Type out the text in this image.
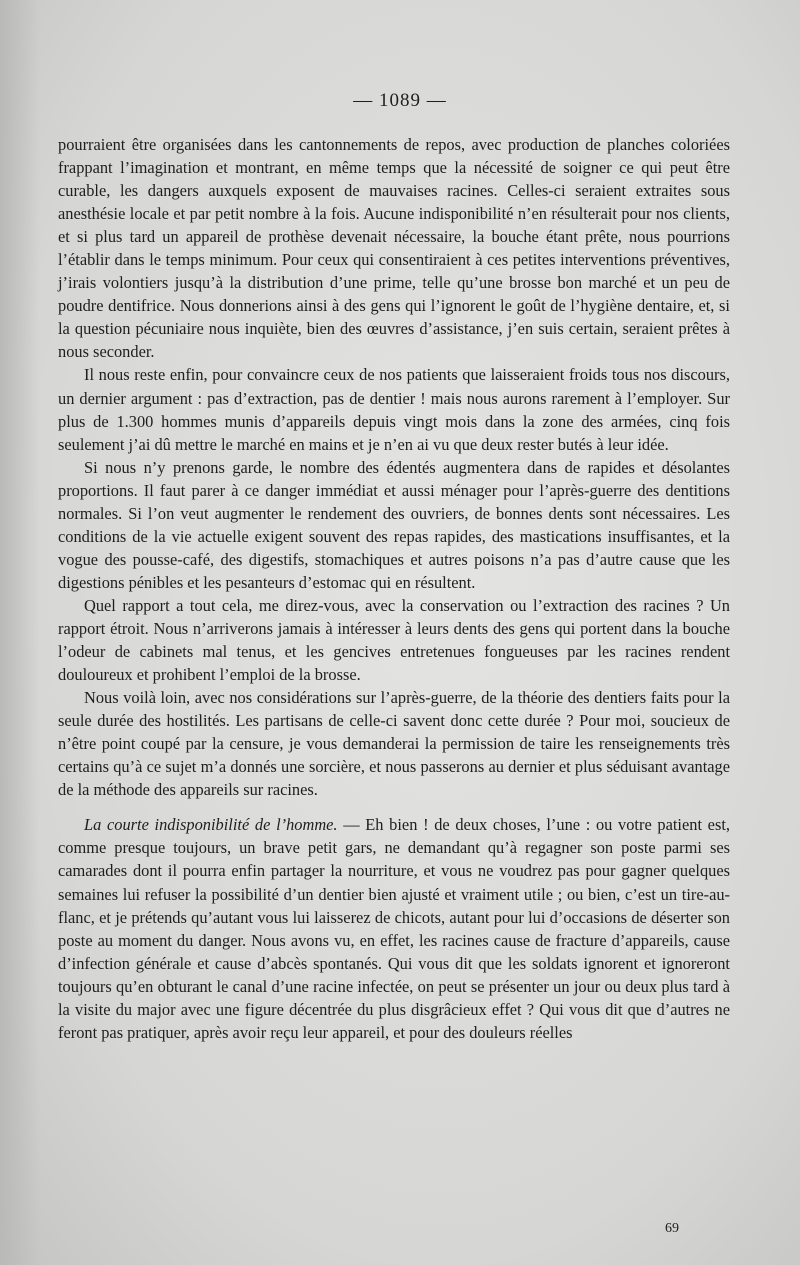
— 1089 —

pourraient être organisées dans les cantonnements de repos, avec production de planches coloriées frappant l’imagination et montrant, en même temps que la nécessité de soigner ce qui peut être curable, les dangers auxquels exposent de mauvaises racines. Celles-ci seraient extraites sous anesthésie locale et par petit nombre à la fois. Aucune indisponibilité n’en résulterait pour nos clients, et si plus tard un appareil de prothèse devenait nécessaire, la bouche étant prête, nous pourrions l’établir dans le temps minimum. Pour ceux qui consentiraient à ces petites interventions préventives, j’irais volontiers jusqu’à la distribution d’une prime, telle qu’une brosse bon marché et un peu de poudre dentifrice. Nous donnerions ainsi à des gens qui l’ignorent le goût de l’hygiène dentaire, et, si la question pécuniaire nous inquiète, bien des œuvres d’assistance, j’en suis certain, seraient prêtes à nous seconder.

Il nous reste enfin, pour convaincre ceux de nos patients que laisseraient froids tous nos discours, un dernier argument : pas d’extraction, pas de dentier ! mais nous aurons rarement à l’employer. Sur plus de 1.300 hommes munis d’appareils depuis vingt mois dans la zone des armées, cinq fois seulement j’ai dû mettre le marché en mains et je n’en ai vu que deux rester butés à leur idée.

Si nous n’y prenons garde, le nombre des édentés augmentera dans de rapides et désolantes proportions. Il faut parer à ce danger immédiat et aussi ménager pour l’après-guerre des dentitions normales. Si l’on veut augmenter le rendement des ouvriers, de bonnes dents sont nécessaires. Les conditions de la vie actuelle exigent souvent des repas rapides, des mastications insuffisantes, et la vogue des pousse-café, des digestifs, stomachiques et autres poisons n’a pas d’autre cause que les digestions pénibles et les pesanteurs d’estomac qui en résultent.

Quel rapport a tout cela, me direz-vous, avec la conservation ou l’extraction des racines ? Un rapport étroit. Nous n’arriverons jamais à intéresser à leurs dents des gens qui portent dans la bouche l’odeur de cabinets mal tenus, et les gencives entretenues fongueuses par les racines rendent douloureux et prohibent l’emploi de la brosse.

Nous voilà loin, avec nos considérations sur l’après-guerre, de la théorie des dentiers faits pour la seule durée des hostilités. Les partisans de celle-ci savent donc cette durée ? Pour moi, soucieux de n’être point coupé par la censure, je vous demanderai la permission de taire les renseignements très certains qu’à ce sujet m’a donnés une sorcière, et nous passerons au dernier et plus séduisant avantage de la méthode des appareils sur racines.

La courte indisponibilité de l’homme. — Eh bien ! de deux choses, l’une : ou votre patient est, comme presque toujours, un brave petit gars, ne demandant qu’à regagner son poste parmi ses camarades dont il pourra enfin partager la nourriture, et vous ne voudrez pas pour gagner quelques semaines lui refuser la possibilité d’un dentier bien ajusté et vraiment utile ; ou bien, c’est un tire-au-flanc, et je prétends qu’autant vous lui laisserez de chicots, autant pour lui d’occasions de déserter son poste au moment du danger. Nous avons vu, en effet, les racines cause de fracture d’appareils, cause d’infection générale et cause d’abcès spontanés. Qui vous dit que les soldats ignorent et ignoreront toujours qu’en obturant le canal d’une racine infectée, on peut se présenter un jour ou deux plus tard à la visite du major avec une figure décentrée du plus disgrâcieux effet ? Qui vous dit que d’autres ne feront pas pratiquer, après avoir reçu leur appareil, et pour des douleurs réelles

69
